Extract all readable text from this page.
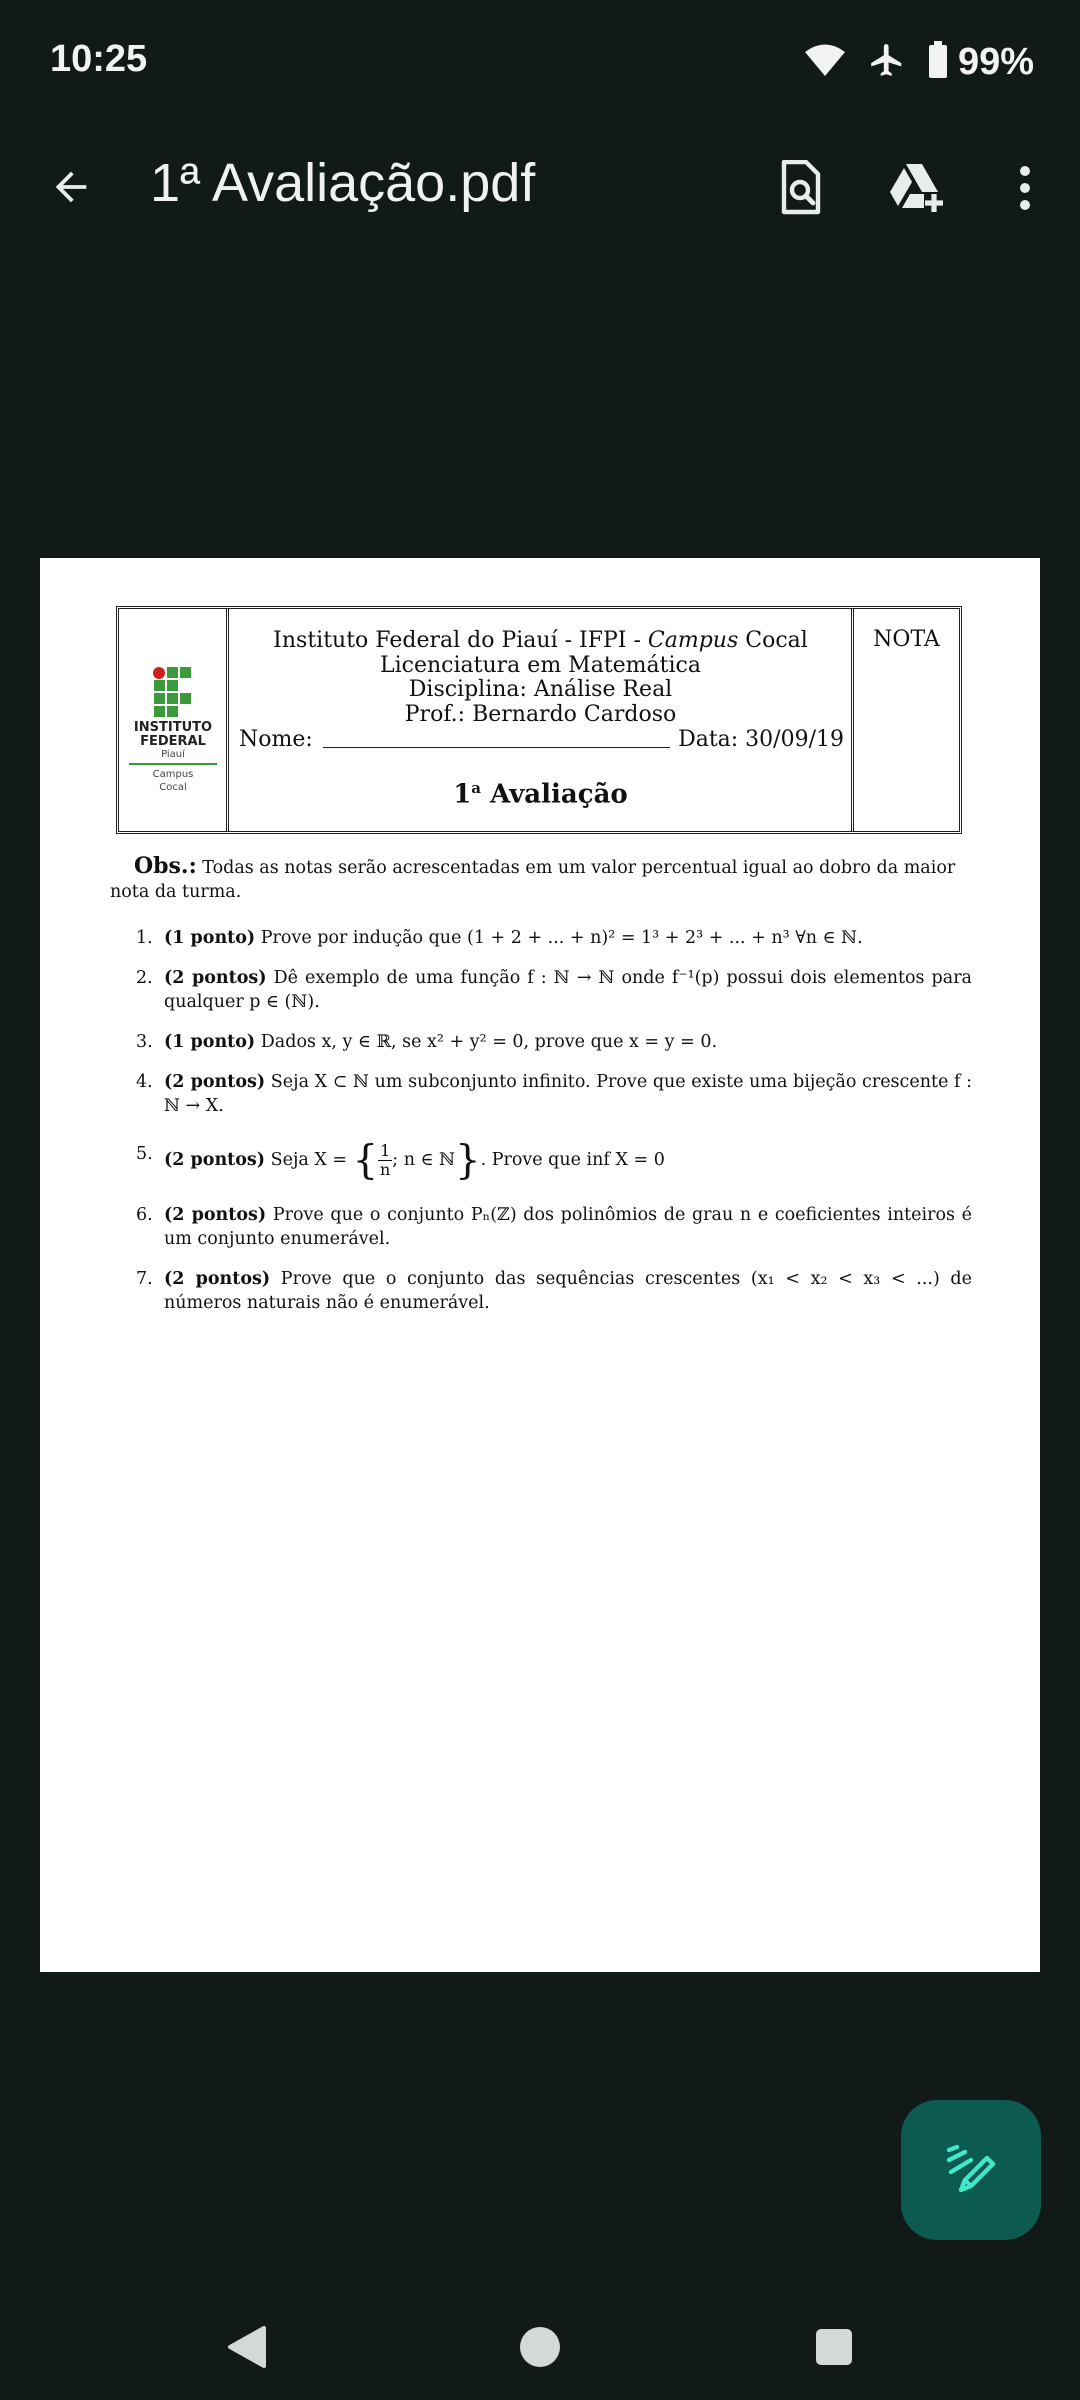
10:25	99%
1ª Avaliação.pdf
INSTITUTO
FEDERAL
Piauí
Campus
Cocal
Instituto Federal do Piauí - IFPI - Campus Cocal
Licenciatura em Matemática
Disciplina: Análise Real
Prof.: Bernardo Cardoso
Nome:	Data: 30/09/19
1$^a$ Avaliação
NOTA
Obs.: Todas as notas serão acrescentadas em um valor percentual igual ao dobro da maior nota da turma.
1. (1 ponto) Prove por indução que (1 + 2 + ... + n)² = 1³ + 2³ + ... + n³ ∀n ∈ ℕ.
2. (2 pontos) Dê exemplo de uma função f : ℕ → ℕ onde f⁻¹(p) possui dois elementos para qualquer p ∈ (ℕ).
3. (1 ponto) Dados x, y ∈ ℝ, se x² + y² = 0, prove que x = y = 0.
4. (2 pontos) Seja X ⊂ ℕ um subconjunto infinito. Prove que existe uma bijeção crescente f : ℕ → X.
5. (2 pontos) Seja X = { $\frac{1}{n}$ ; n ∈ ℕ}. Prove que inf X = 0
6. (2 pontos) Prove que o conjunto Pₙ(ℤ) dos polinômios de grau n e coeficientes inteiros é um conjunto enumerável.
7. (2 pontos) Prove que o conjunto das sequências crescentes (x₁ < x₂ < x₃ < ...) de números naturais não é enumerável.
